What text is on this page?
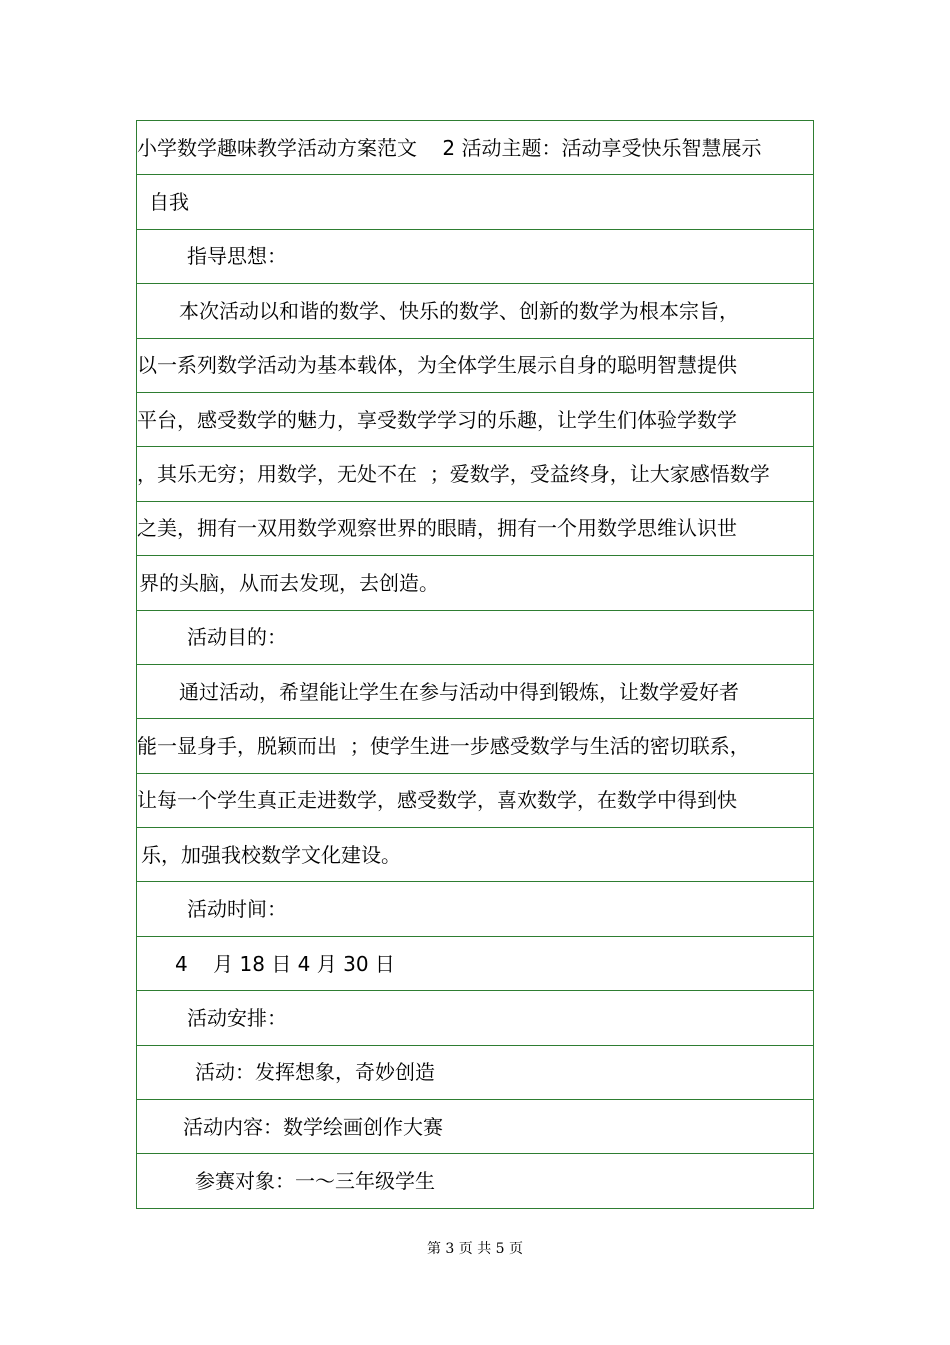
小学数学趣味教学活动方案范文    2 活动主题：活动享受快乐智慧展示
自我
指导思想：
本次活动以和谐的数学、快乐的数学、创新的数学为根本宗旨，
以一系列数学活动为基本载体，为全体学生展示自身的聪明智慧提供
平台，感受数学的魅力，享受数学学习的乐趣，让学生们体验学数学
，其乐无穷；用数学，无处不在  ；爱数学，受益终身，让大家感悟数学
之美，拥有一双用数学观察世界的眼睛，拥有一个用数学思维认识世
界的头脑，从而去发现，去创造。
活动目的：
通过活动，希望能让学生在参与活动中得到锻炼，让数学爱好者
能一显身手，脱颖而出  ；使学生进一步感受数学与生活的密切联系，
让每一个学生真正走进数学，感受数学，喜欢数学，在数学中得到快
乐，加强我校数学文化建设。
活动时间：
4    月 18 日 4 月 30 日
活动安排：
活动：发挥想象，奇妙创造
活动内容：数学绘画创作大赛
参赛对象：一～三年级学生
第 3 页 共 5 页
